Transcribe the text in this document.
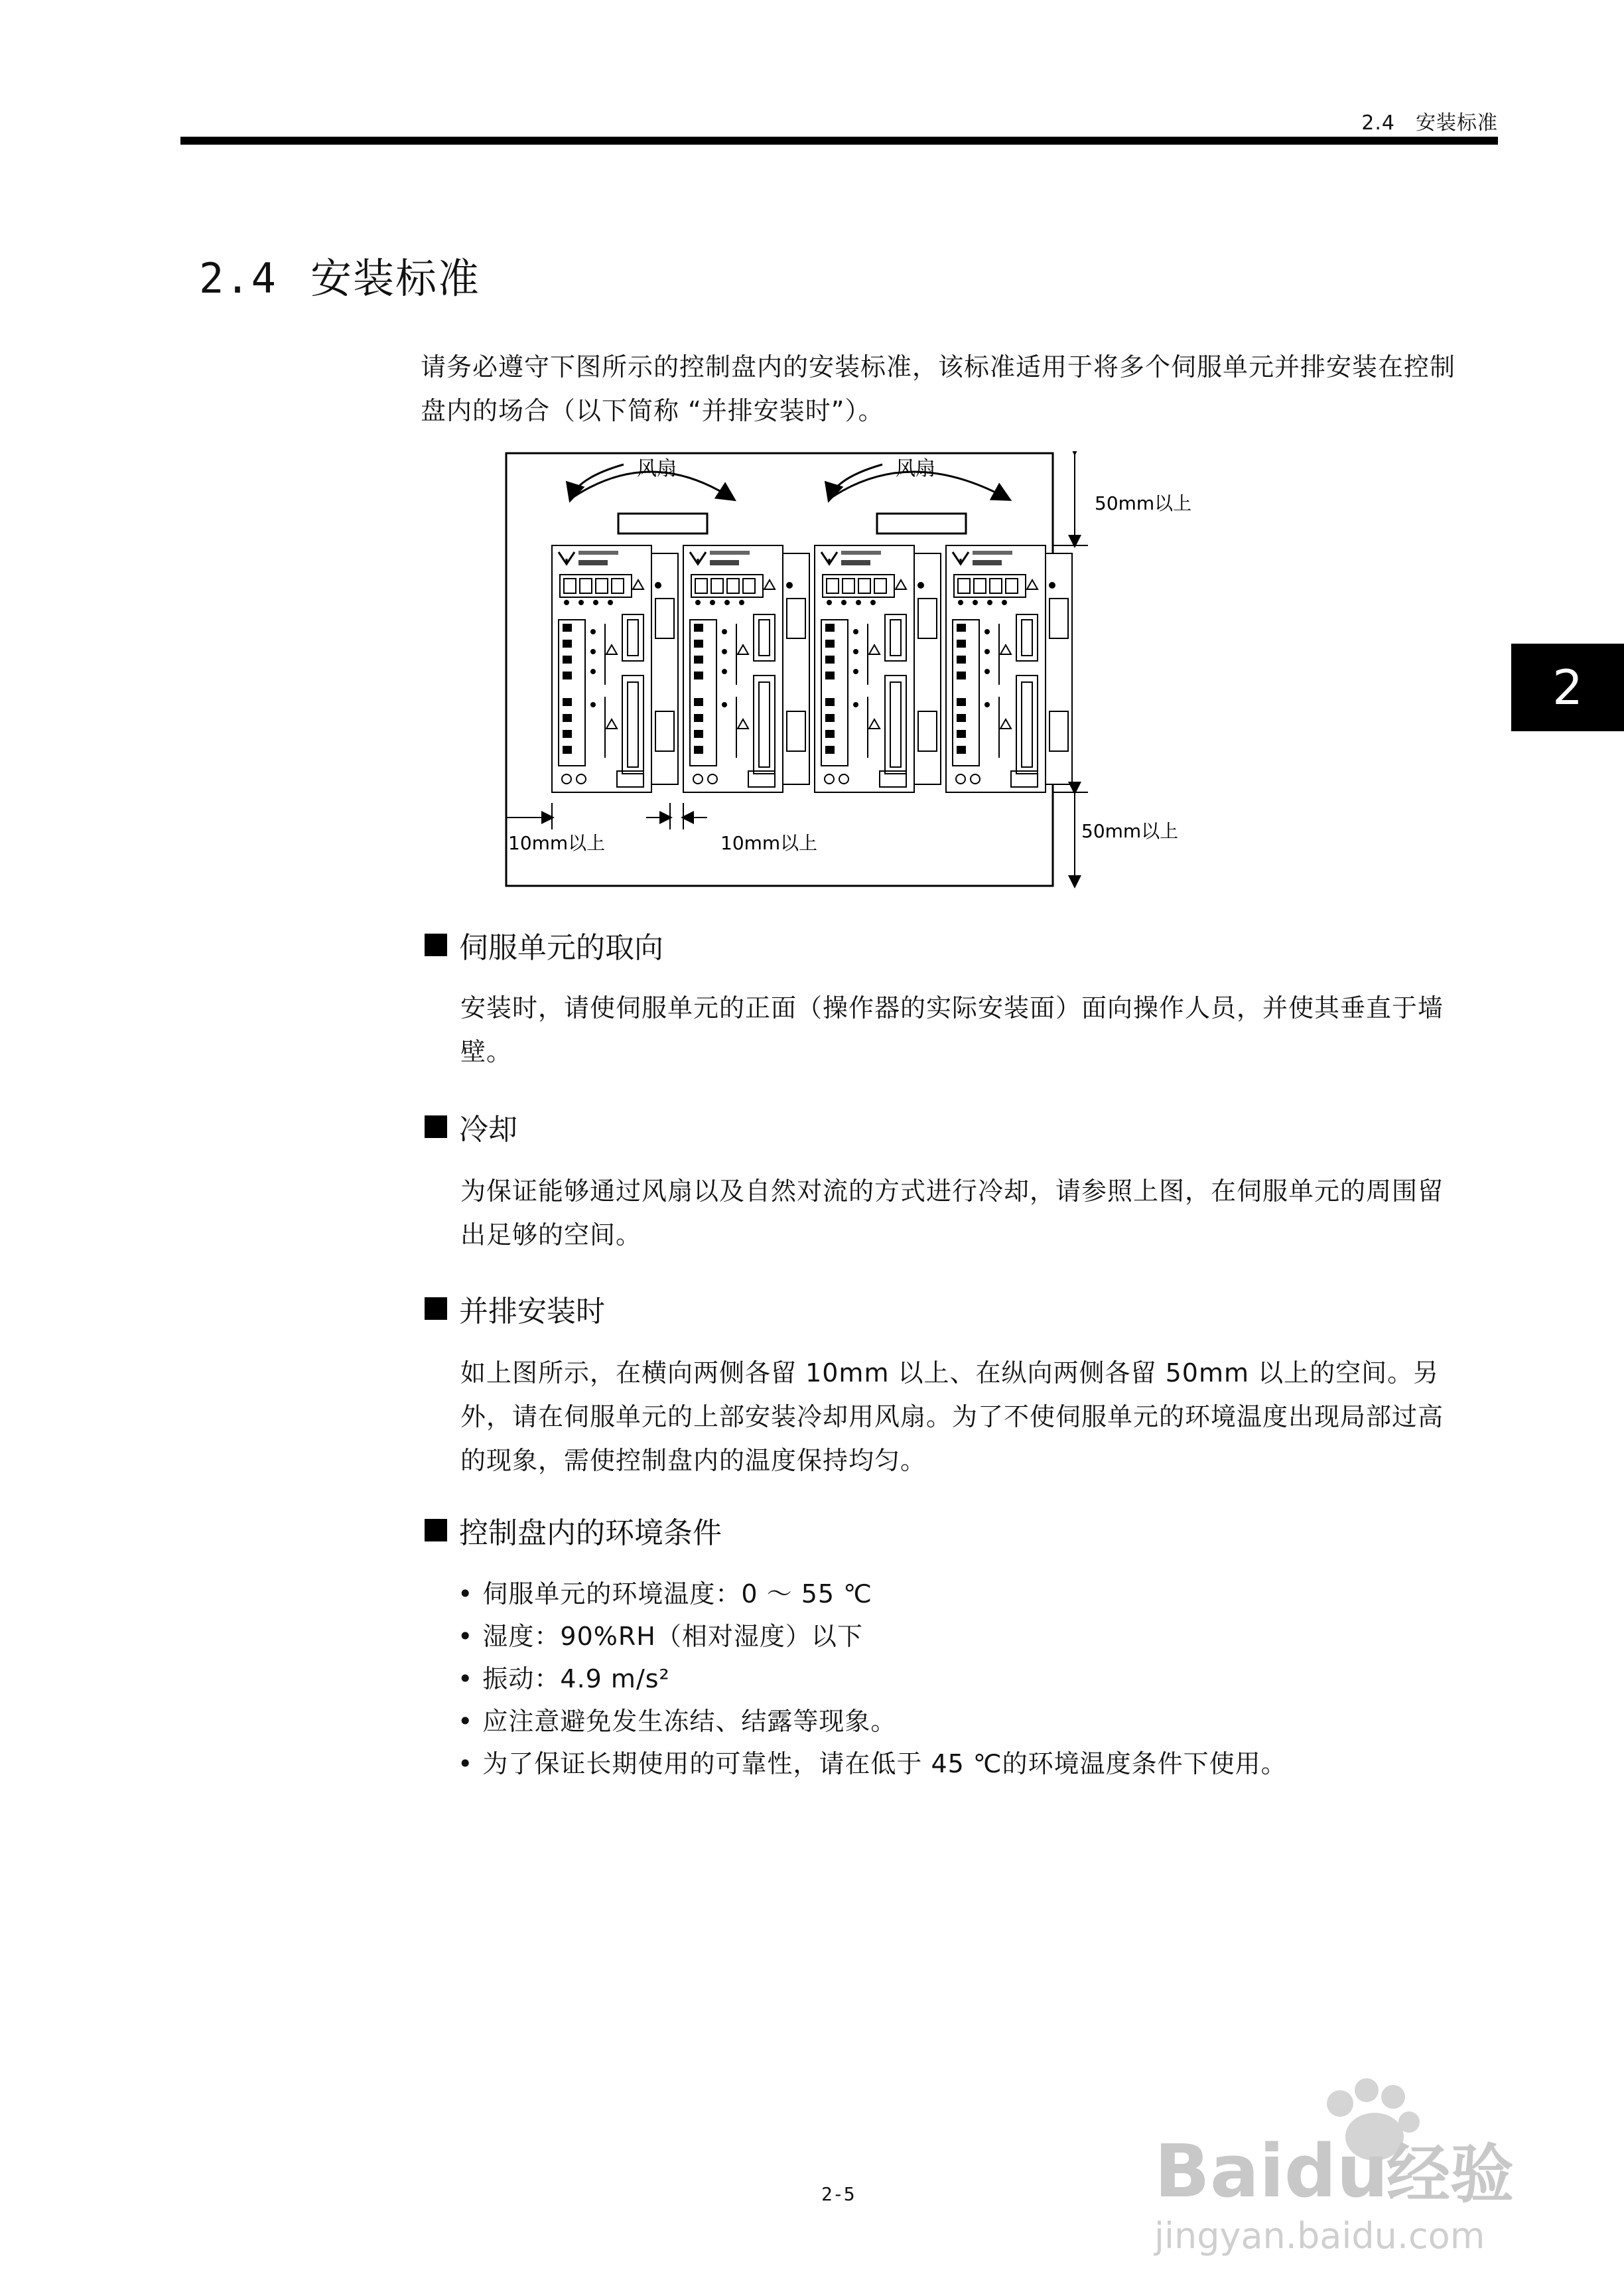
2.4　安装标准
2
2.4 安装标准

请务必遵守下图所示的控制盘内的安装标准，该标准适用于将多个伺服单元并排安装在控制盘内的场合（以下简称 “并排安装时”）。

风扇	风扇
50mm以上
50mm以上
10mm以上	10mm以上
伺服单元的取向

安装时，请使伺服单元的正面（操作器的实际安装面）面向操作人员，并使其垂直于墙壁。

冷却

为保证能够通过风扇以及自然对流的方式进行冷却，请参照上图，在伺服单元的周围留出足够的空间。

并排安装时

如上图所示，在横向两侧各留 10mm 以上、在纵向两侧各留 50mm 以上的空间。另外，请在伺服单元的上部安装冷却用风扇。为了不使伺服单元的环境温度出现局部过高的现象，需使控制盘内的温度保持均匀。

控制盘内的环境条件
• 伺服单元的环境温度：0 ～ 55 ℃
• 湿度：90%RH（相对湿度）以下
• 振动：4.9 m/s²
• 应注意避免发生冻结、结露等现象。
• 为了保证长期使用的可靠性，请在低于 45 ℃的环境温度条件下使用。
Baidu
经验
jingyan.baidu.com
2-5
